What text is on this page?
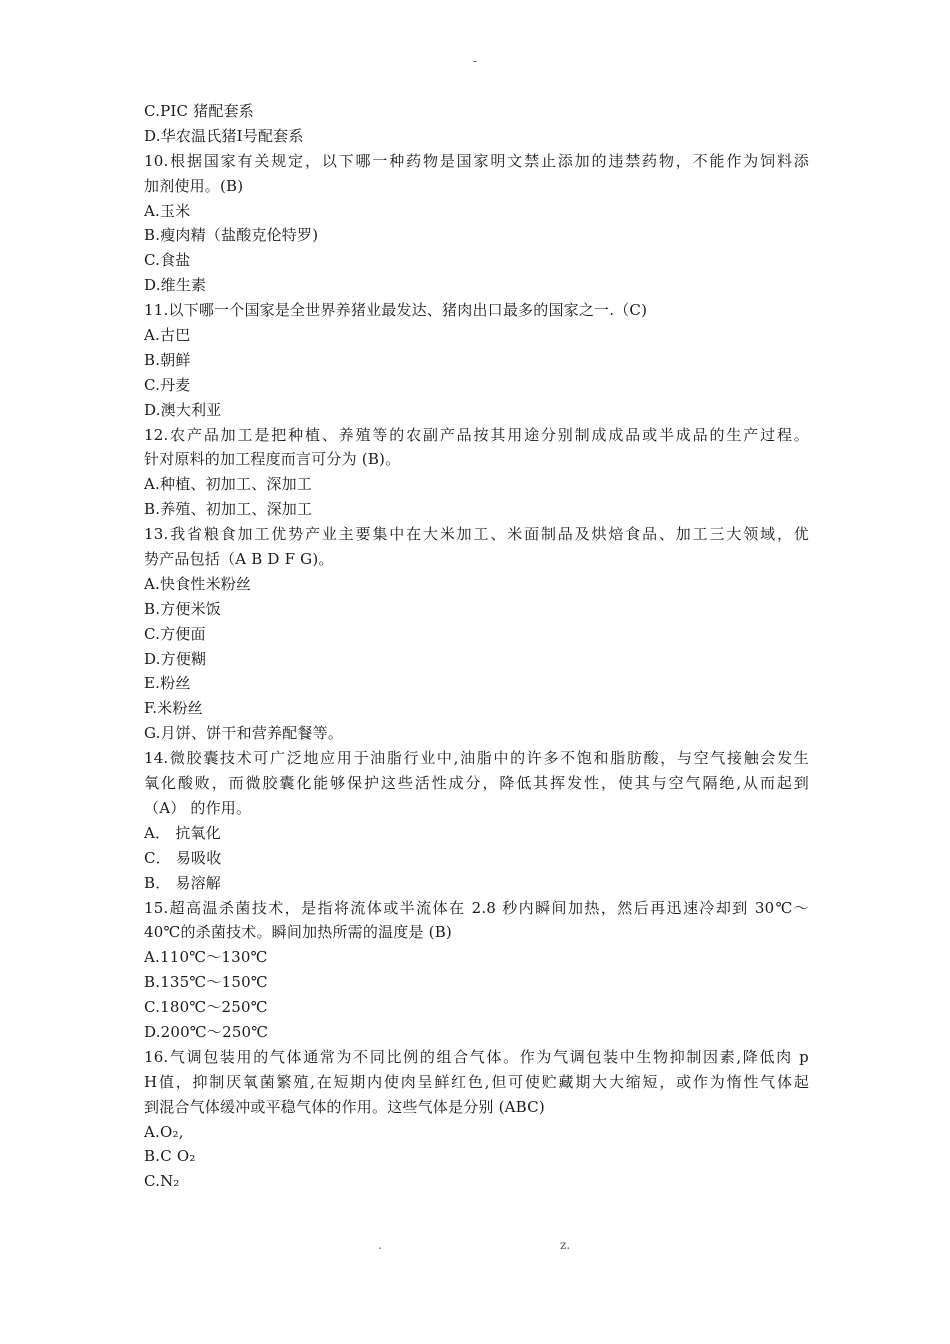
-
C.PIC 猪配套系
D.华农温氏猪Ⅰ号配套系
10.根据国家有关规定，以下哪一种药物是国家明文禁止添加的违禁药物，不能作为饲料添
加剂使用。(B)
A.玉米
B.瘦肉精（盐酸克伦特罗)
C.食盐
D.维生素
11.以下哪一个国家是全世界养猪业最发达、猪肉出口最多的国家之一.（C)
A.古巴
B.朝鲜
C.丹麦
D.澳大利亚
12.农产品加工是把种植、养殖等的农副产品按其用途分别制成成品或半成品的生产过程。
针对原料的加工程度而言可分为 (B)。
A.种植、初加工、深加工
B.养殖、初加工、深加工
13.我省粮食加工优势产业主要集中在大米加工、米面制品及烘焙食品、加工三大领域，优
势产品包括（A B D F G)。
A.快食性米粉丝
B.方便米饭
C.方便面
D.方便糊
E.粉丝
F.米粉丝
G.月饼、饼干和营养配餐等。
14.微胶囊技术可广泛地应用于油脂行业中,油脂中的许多不饱和脂肪酸，与空气接触会发生
氧化酸败，而微胶囊化能够保护这些活性成分，降低其挥发性，使其与空气隔绝,从而起到
（A） 的作用。
A． 抗氧化
C． 易吸收
B． 易溶解
15.超高温杀菌技术，是指将流体或半流体在 2.8 秒内瞬间加热，然后再迅速冷却到 30℃～
40℃的杀菌技术。瞬间加热所需的温度是 (B)
A.110℃～130℃
B.135℃～150℃
C.180℃～250℃
D.200℃～250℃
16.气调包装用的气体通常为不同比例的组合气体。作为气调包装中生物抑制因素,降低肉 p
H值，抑制厌氧菌繁殖,在短期内使肉呈鲜红色,但可使贮藏期大大缩短，或作为惰性气体起
到混合气体缓冲或平稳气体的作用。这些气体是分别 (ABC)
A.O₂,
B.C O₂
C.N₂
.	z.
